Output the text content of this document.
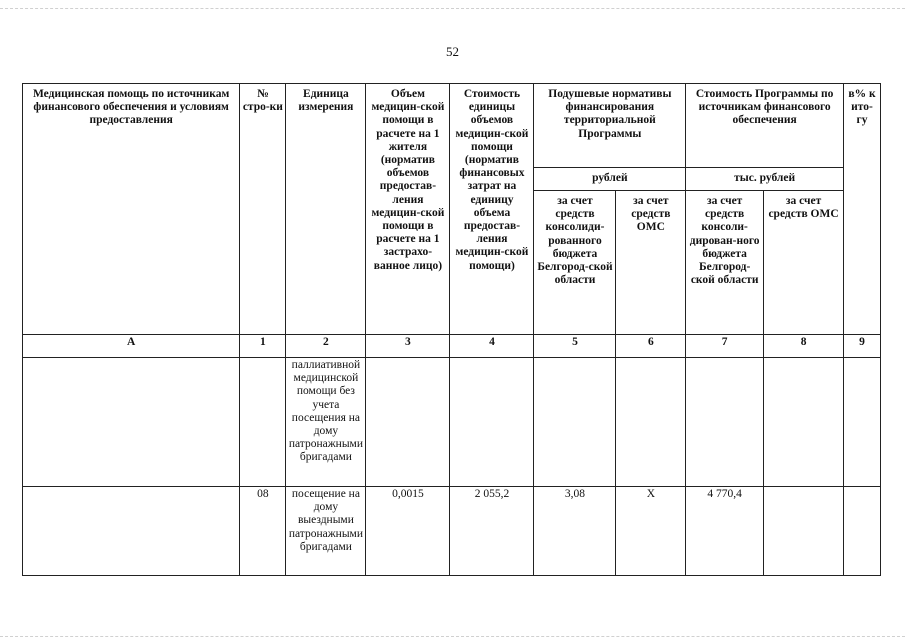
52
Медицинская помощь по источникам финансового обеспечения и условиям предоставления	№ стро-ки	Единица измерения	Объем медицин-ской помощи в расчете на 1 жителя (норматив объемов предостав-ления медицин-ской помощи в расчете на 1 застрахо-ванное лицо)	Стоимость единицы объемов медицин-ской помощи (норматив финансовых затрат на единицу объема предостав-ления медицин-ской помощи)	Подушевые нормативы финансирования территориальной Программы		Стоимость Программы по источникам финансового обеспечения		в% к ито-гу
					рублей		тыс. рублей		
					за счет средств консолиди-рованного бюджета Белгород-ской области	за счет средств ОМС	за счет средств консоли-дирован-ного бюджета Белгород-ской области	за счет средств ОМС	
А	1	2	3	4	5	6	7	8	9
		паллиативной медицинской помощи без учета посещения на дому патронажными бригадами							
	08	посещение на дому выездными патронажными бригадами	0,0015	2 055,2	3,08	Х	4 770,4		
